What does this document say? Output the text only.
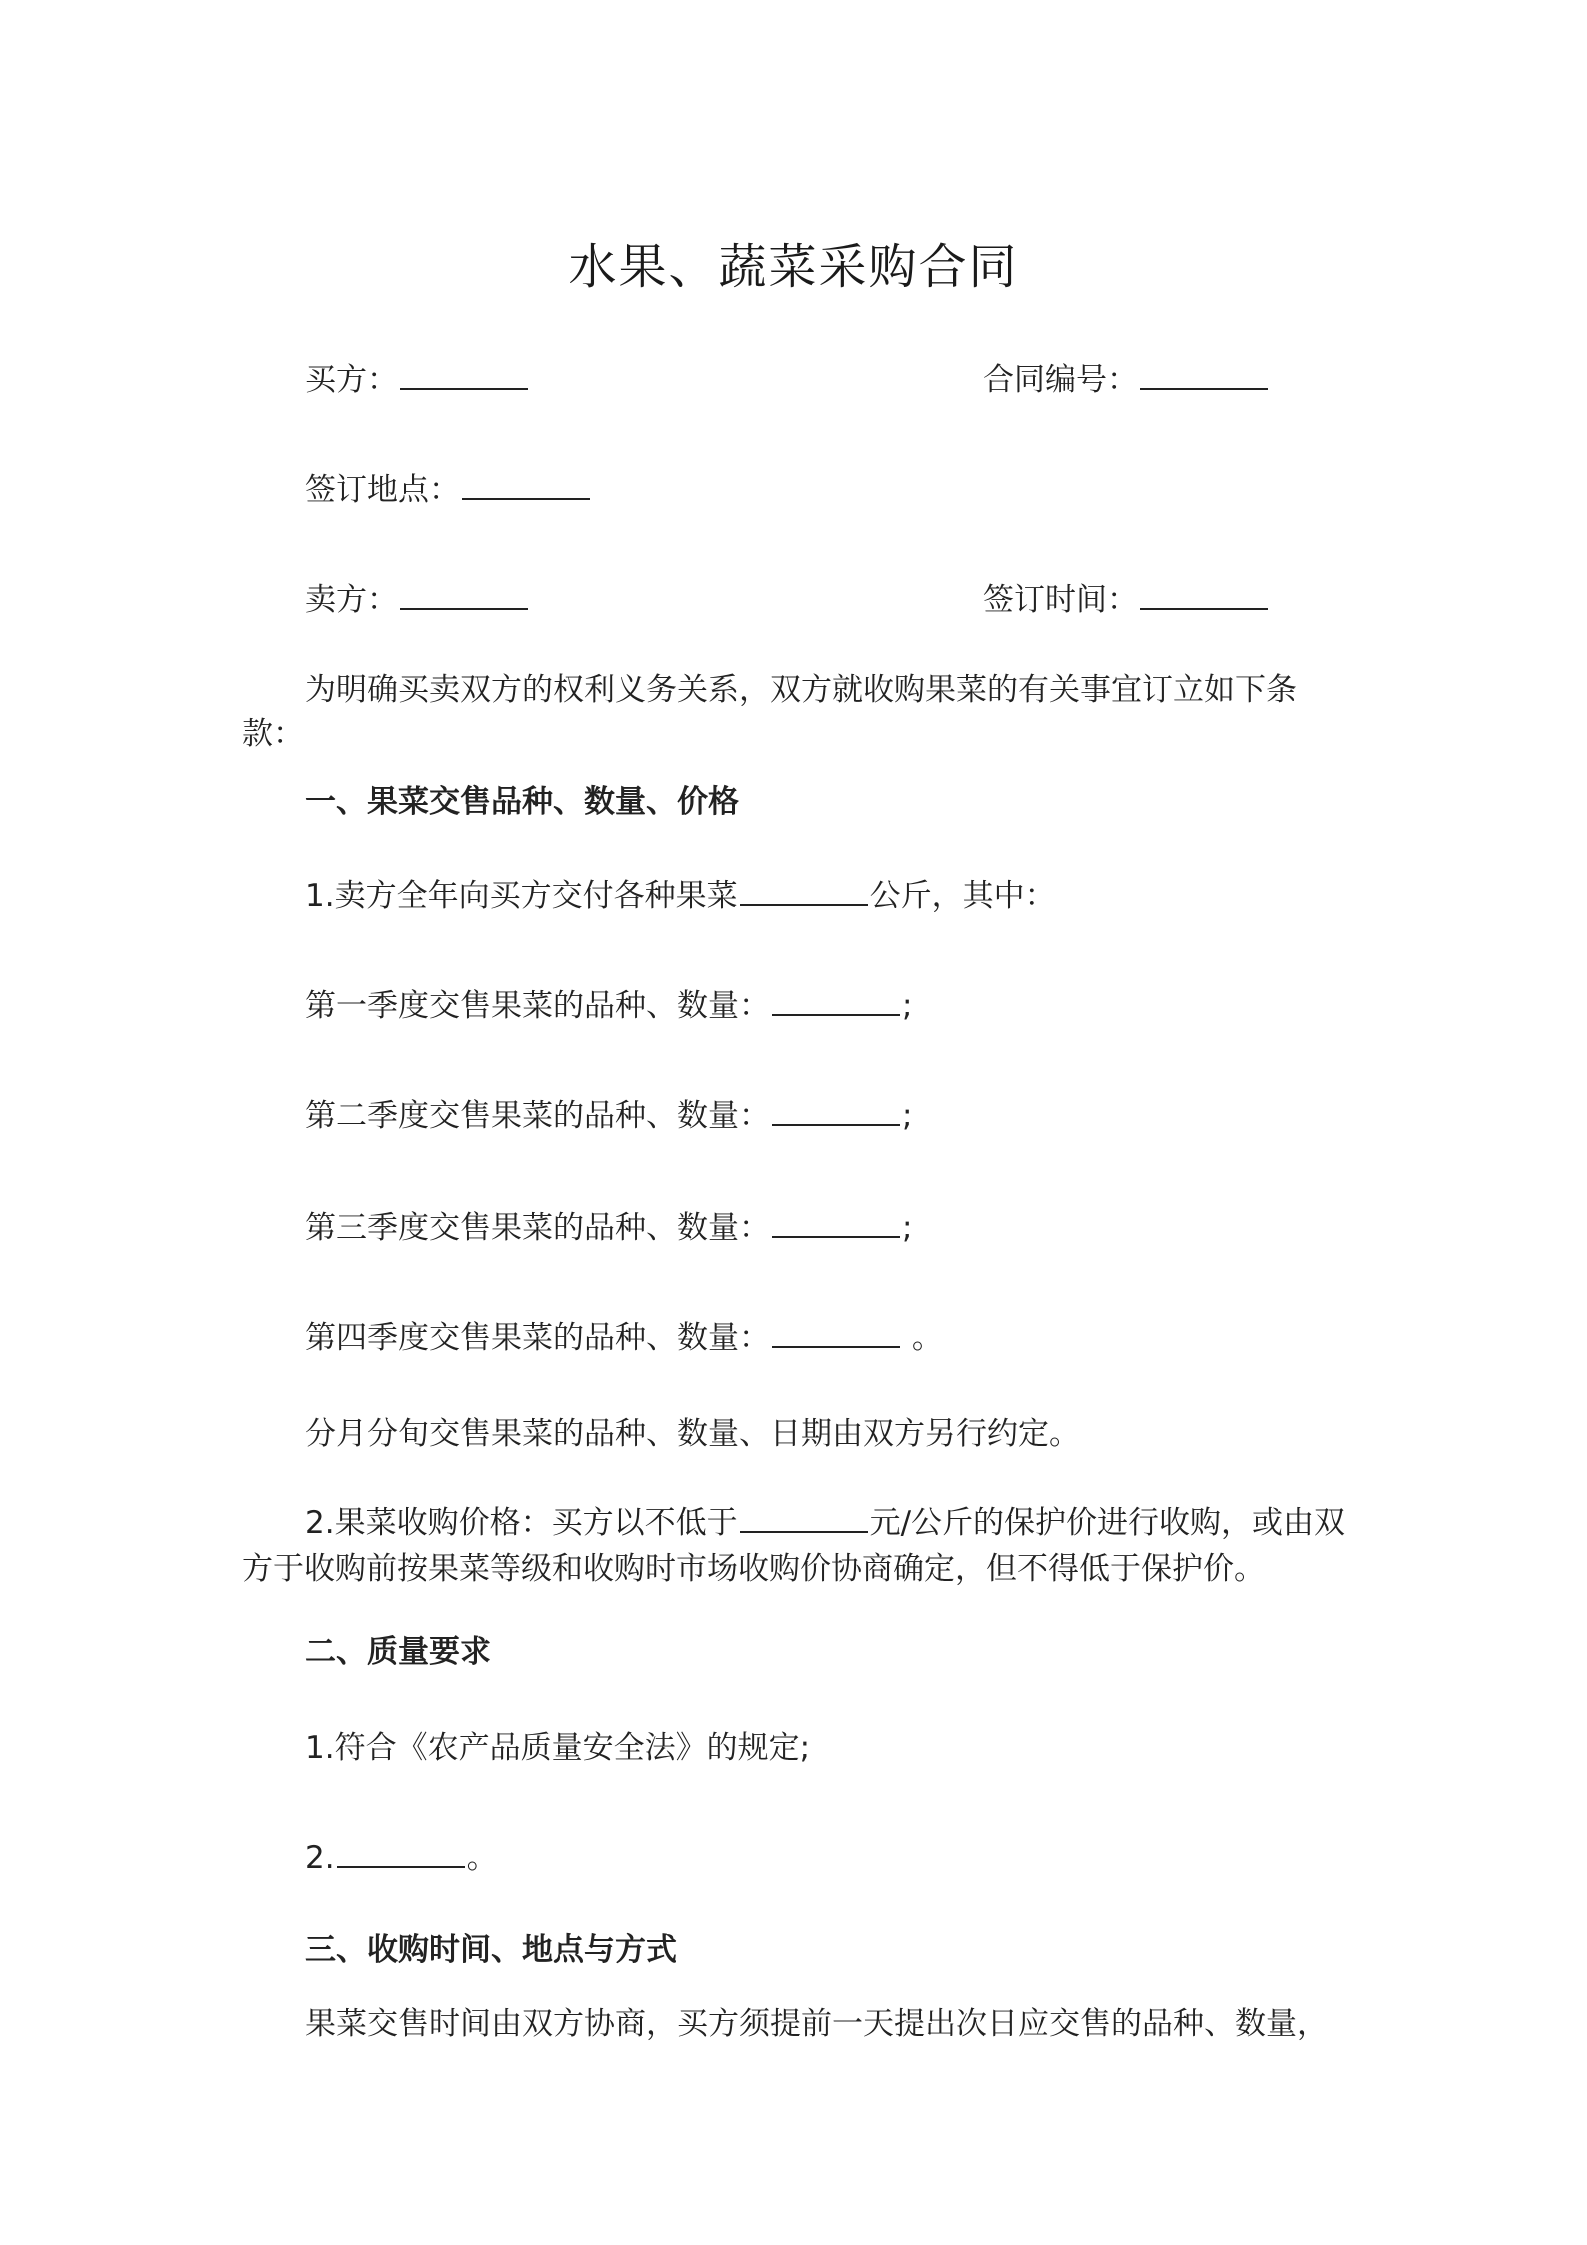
水果、蔬菜采购合同
买方：	合同编号：
签订地点：
卖方：	签订时间：
为明确买卖双方的权利义务关系，双方就收购果菜的有关事宜订立如下条款：
一、果菜交售品种、数量、价格
1.卖方全年向买方交付各种果菜	公斤，其中：
第一季度交售果菜的品种、数量：	;
第二季度交售果菜的品种、数量：	;
第三季度交售果菜的品种、数量：	;
第四季度交售果菜的品种、数量：	。
分月分旬交售果菜的品种、数量、日期由双方另行约定。
2.果菜收购价格：买方以不低于	元/公斤的保护价进行收购，或由双方于收购前按果菜等级和收购时市场收购价协商确定，但不得低于保护价。
二、质量要求
1.符合《农产品质量安全法》的规定;
2.	。
三、收购时间、地点与方式
果菜交售时间由双方协商，买方须提前一天提出次日应交售的品种、数量，
